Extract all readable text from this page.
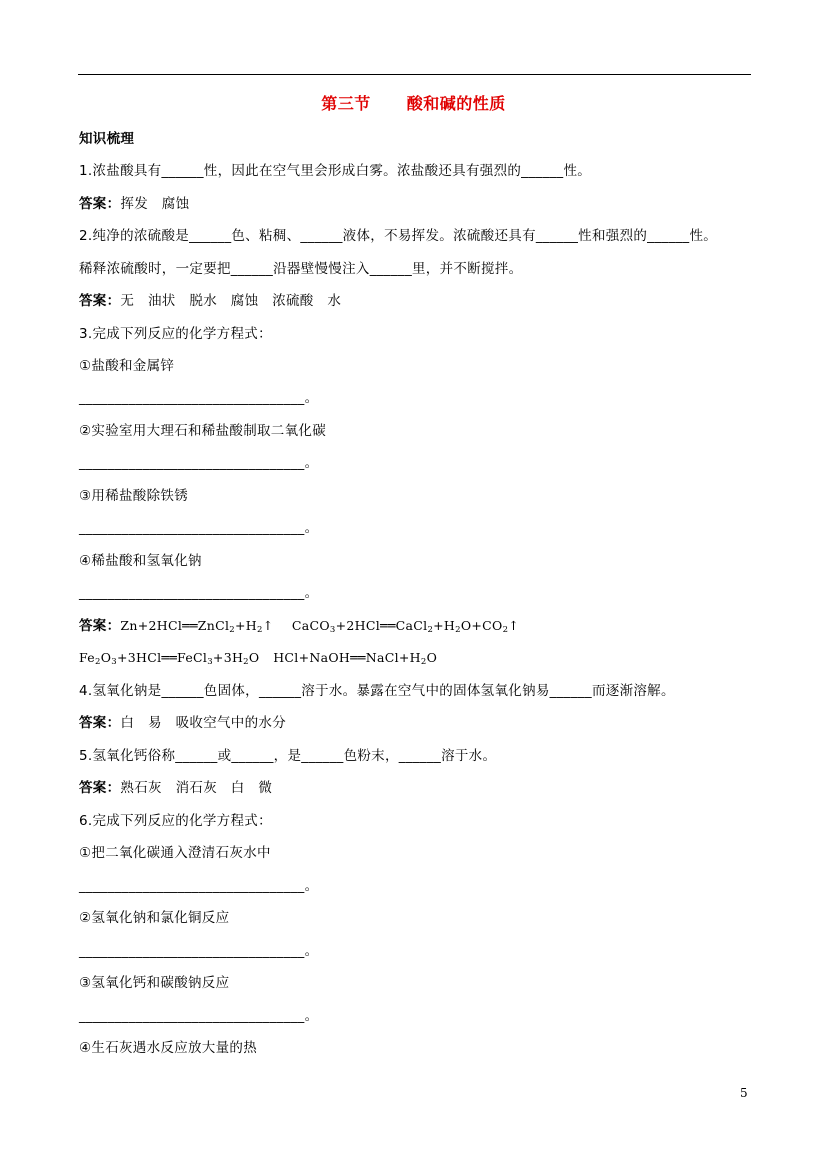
第三节 酸和碱的性质
知识梳理
1.浓盐酸具有______性，因此在空气里会形成白雾。浓盐酸还具有强烈的______性。
答案：挥发　腐蚀
2.纯净的浓硫酸是______色、粘稠、______液体，不易挥发。浓硫酸还具有______性和强烈的______性。
稀释浓硫酸时，一定要把______沿器壁慢慢注入______里，并不断搅拌。
答案：无　油状　脱水　腐蚀　浓硫酸　水
3.完成下列反应的化学方程式：
①盐酸和金属锌
________________________________。
②实验室用大理石和稀盐酸制取二氧化碳
________________________________。
③用稀盐酸除铁锈
________________________________。
④稀盐酸和氢氧化钠
________________________________。
答案：$Zn+2HCl══ZnCl_2+H_2↑$ $CaCO_3+2HCl══CaCl_2+H_2O+CO_2↑$
$Fe_2O_3+3HCl══FeCl_3+3H_2O$ $HCl+NaOH══NaCl+H_2O$
4.氢氧化钠是______色固体，______溶于水。暴露在空气中的固体氢氧化钠易______而逐渐溶解。
答案：白　易　吸收空气中的水分
5.氢氧化钙俗称______或______，是______色粉末，______溶于水。
答案：熟石灰　消石灰　白　微
6.完成下列反应的化学方程式：
①把二氧化碳通入澄清石灰水中
________________________________。
②氢氧化钠和氯化铜反应
________________________________。
③氢氧化钙和碳酸钠反应
________________________________。
④生石灰遇水反应放大量的热
5
